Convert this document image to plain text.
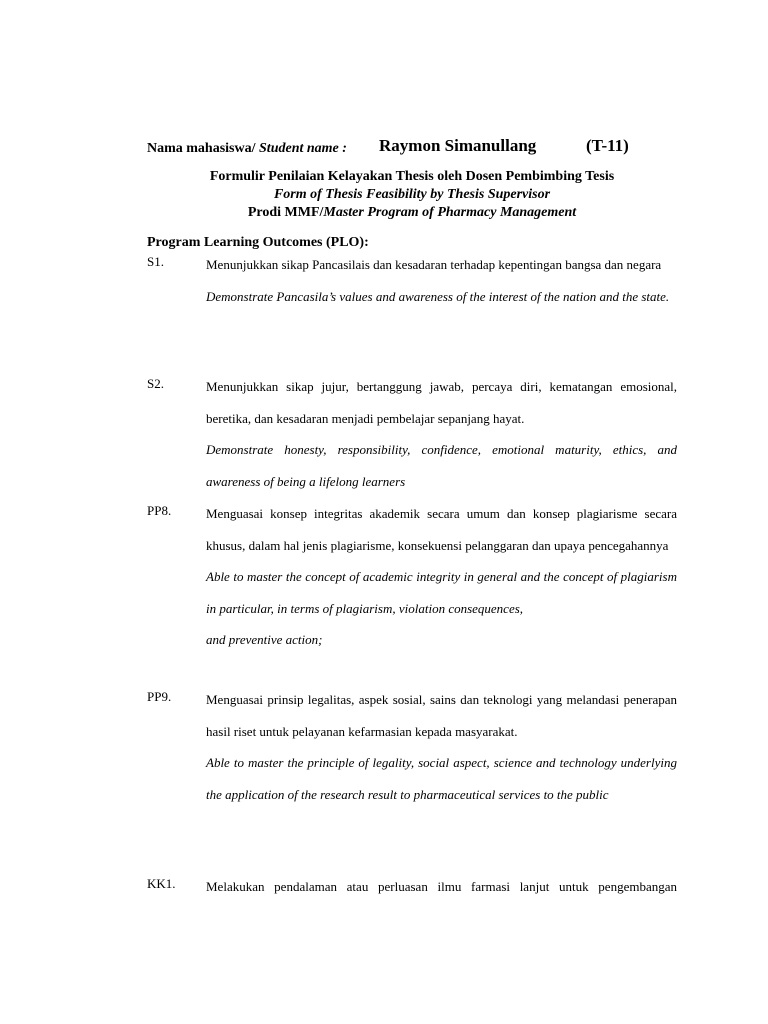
Nama mahasiswa/ Student name : Raymon Simanullang	(T-11)
Formulir Penilaian Kelayakan Thesis oleh Dosen Pembimbing Tesis
Form of Thesis Feasibility by Thesis Supervisor
Prodi MMF/Master Program of Pharmacy Management
Program Learning Outcomes (PLO):
S1.	Menunjukkan sikap Pancasilais dan kesadaran terhadap kepentingan bangsa dan negara

Demonstrate Pancasila’s values and awareness of the interest of the nation and the state.

S2.	Menunjukkan sikap jujur, bertanggung jawab, percaya diri, kematangan emosional, beretika, dan kesadaran menjadi pembelajar sepanjang hayat.

Demonstrate honesty, responsibility, confidence, emotional maturity, ethics, and awareness of being a lifelong learners

PP8.	Menguasai konsep integritas akademik secara umum dan konsep plagiarisme secara khusus, dalam hal jenis plagiarisme, konsekuensi pelanggaran dan upaya pencegahannya

Able to master the concept of academic integrity in general and the concept of plagiarism in particular, in terms of plagiarism, violation consequences,

and preventive action;

PP9.	Menguasai prinsip legalitas, aspek sosial, sains dan teknologi yang melandasi penerapan hasil riset untuk pelayanan kefarmasian kepada masyarakat.

Able to master the principle of legality, social aspect, science and technology underlying the application of the research result to pharmaceutical services to the public

KK1. Melakukan pendalaman atau perluasan ilmu farmasi lanjut untuk pengembangan
